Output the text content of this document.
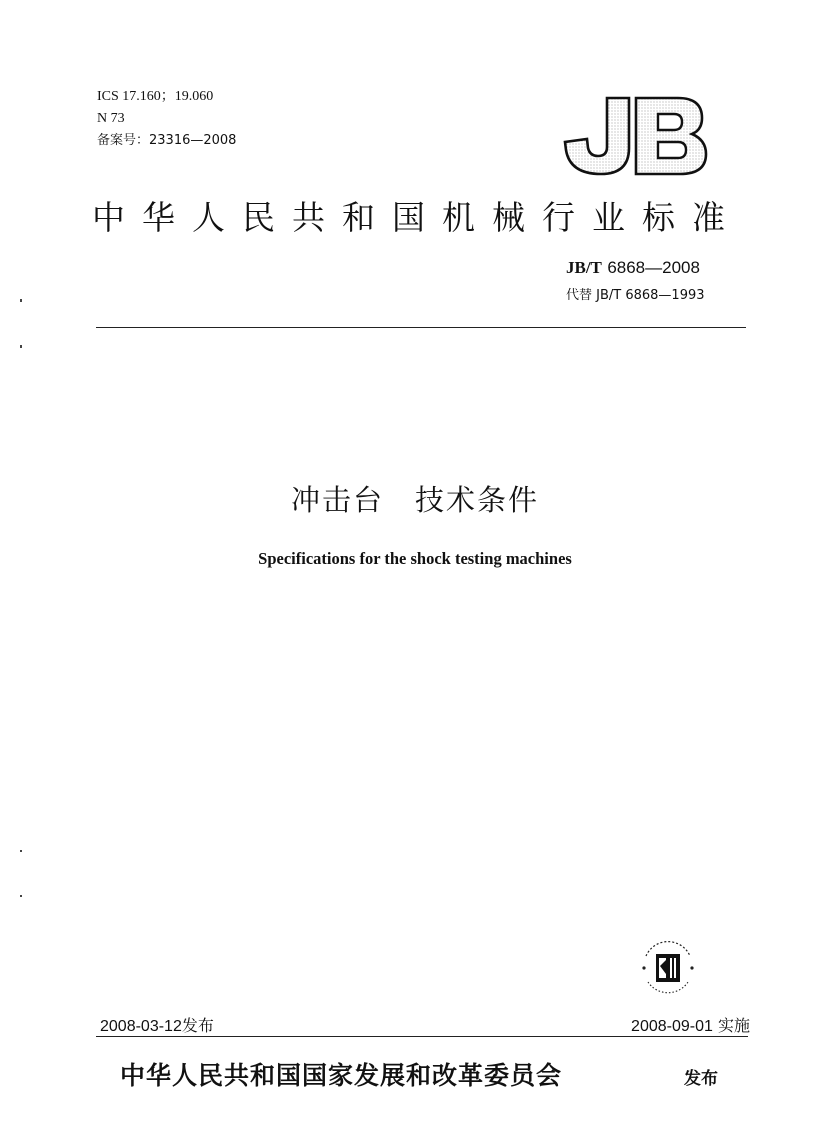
ICS 17.160；19.060
N 73
备案号：23316—2008
JB
中华人民共和国机械行业标准
JB/T 6868—2008
代替 JB/T 6868—1993
冲击台　技术条件
Specifications for the shock testing machines
2008-03-12发布	2008-09-01 实施
中华人民共和国国家发展和改革委员会	发布
